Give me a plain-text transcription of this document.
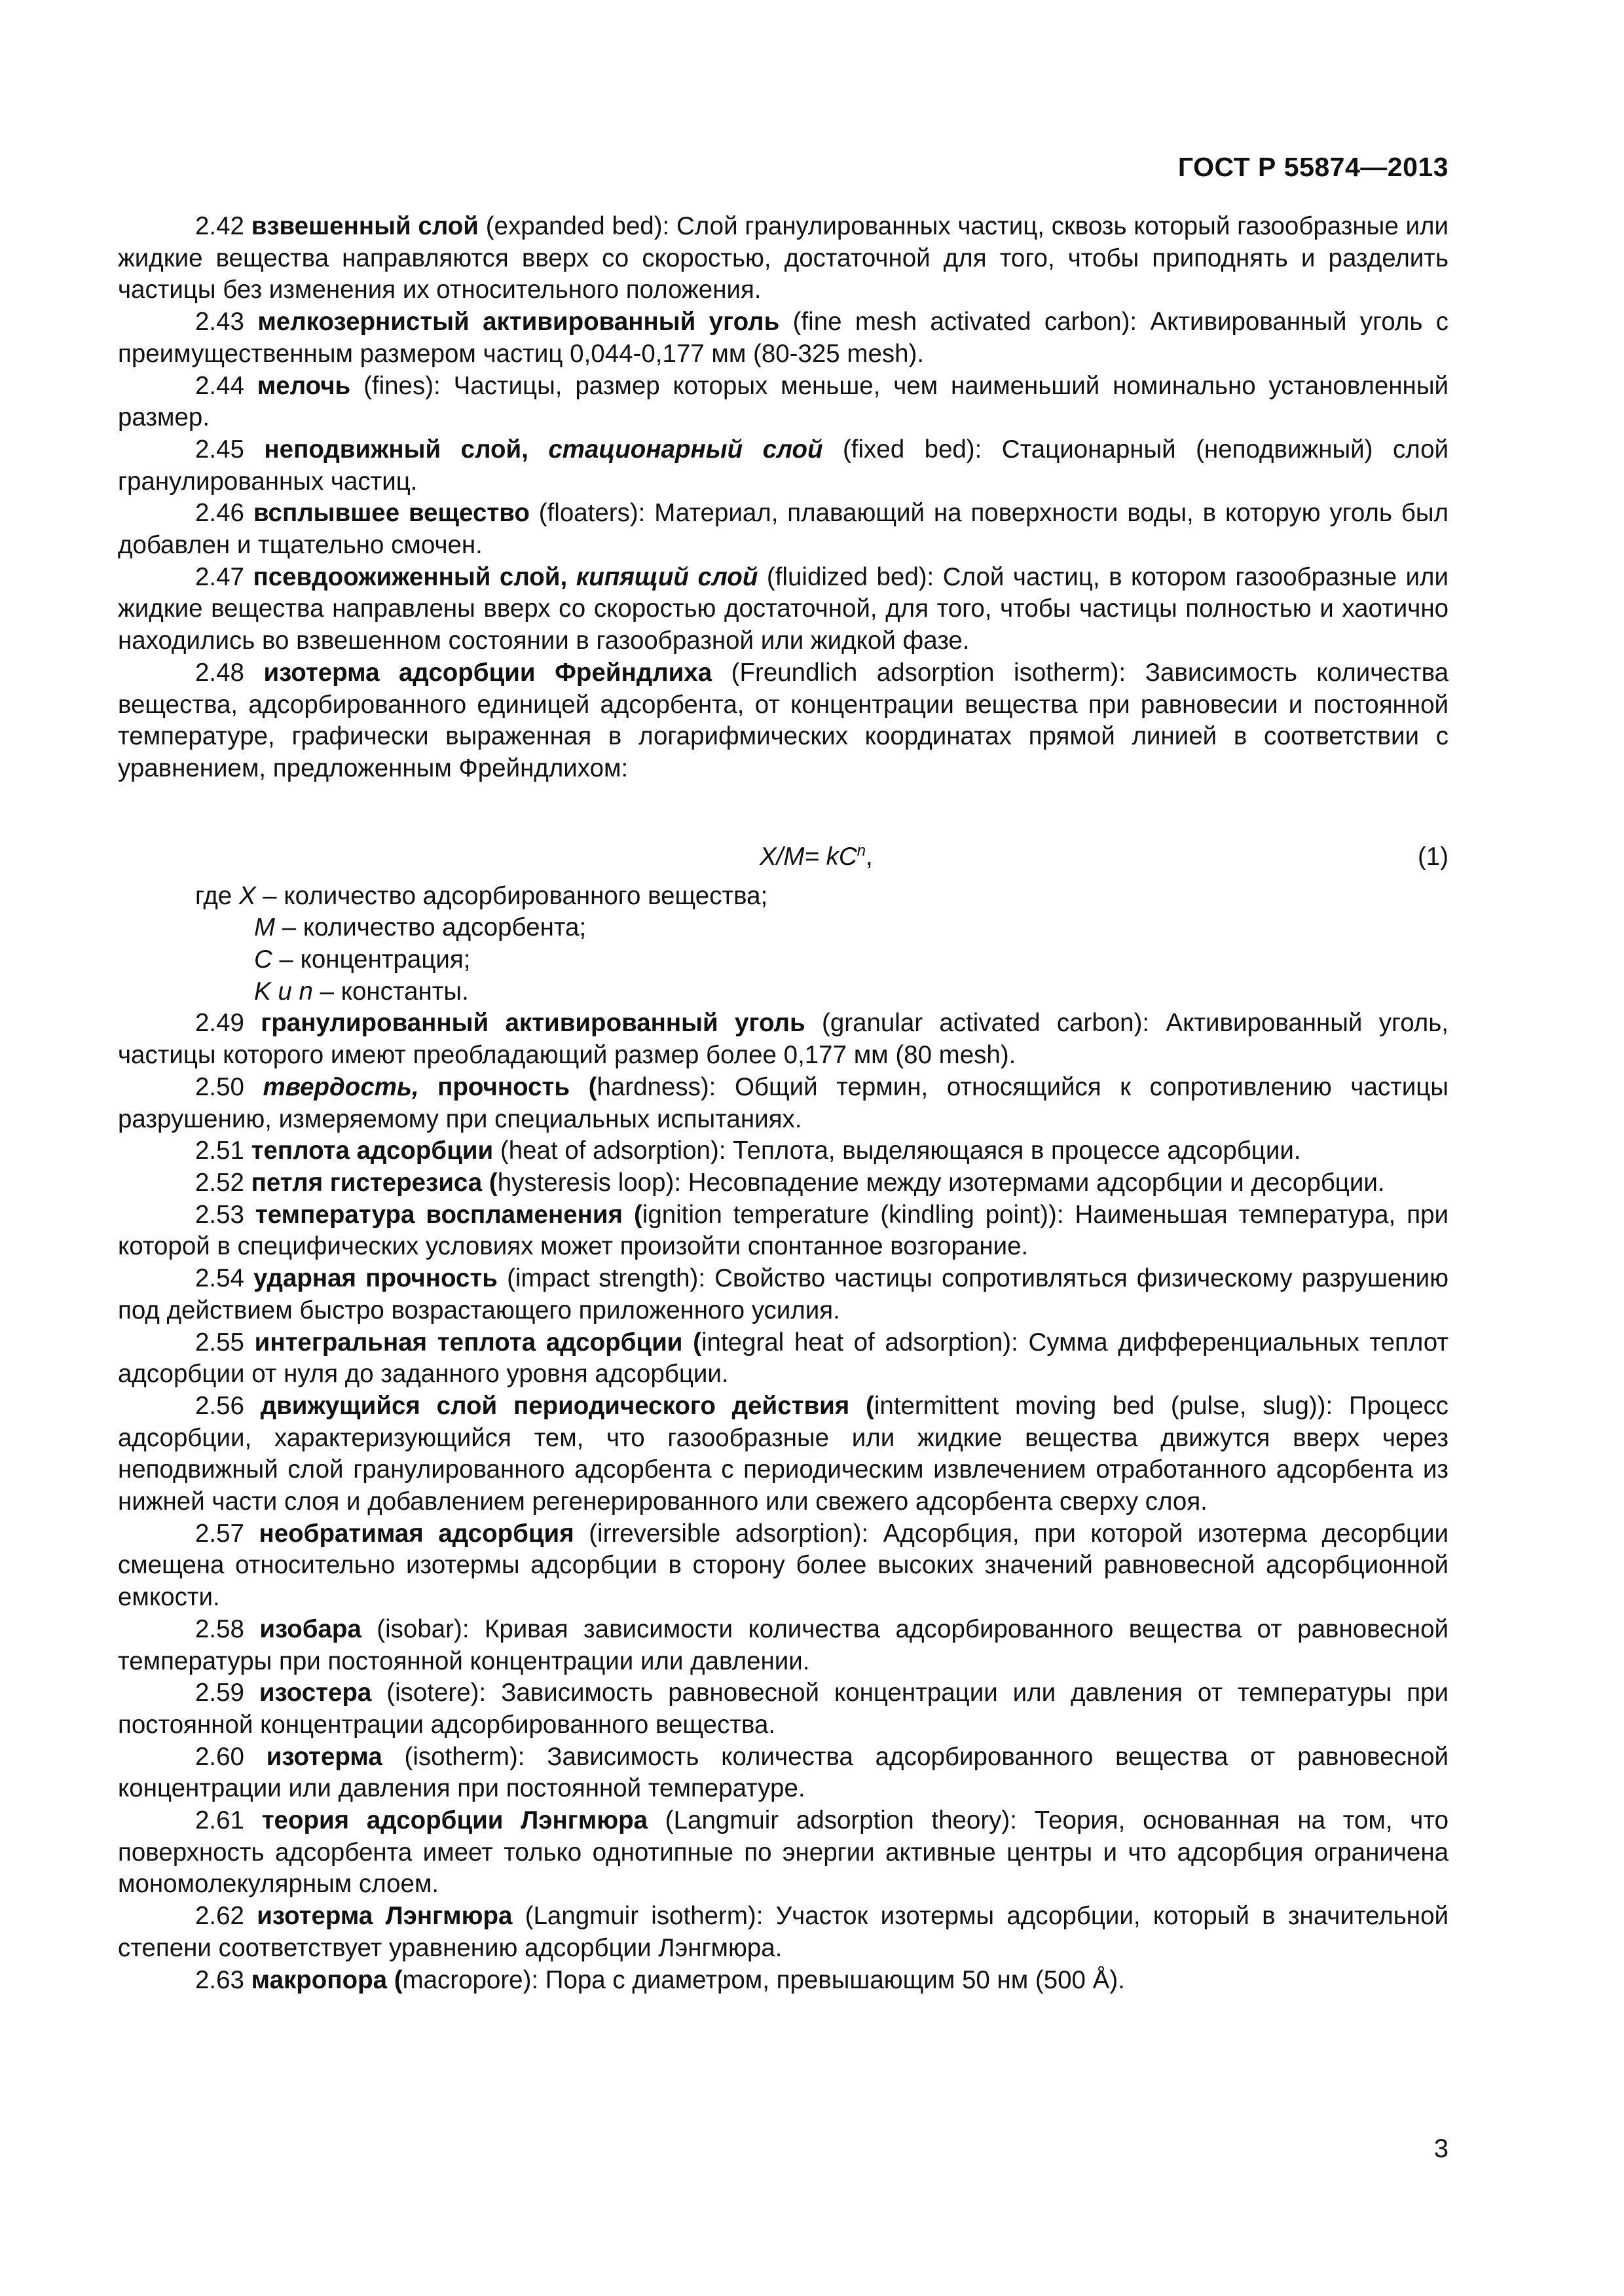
ГОСТ Р 55874—2013

2.42 взвешенный слой (expanded bed): Слой гранулированных частиц, сквозь который газообразные или жидкие вещества направляются вверх со скоростью, достаточной для того, чтобы приподнять и разделить частицы без изменения их относительного положения.

2.43 мелкозернистый активированный уголь (fine mesh activated carbon): Активированный уголь с преимущественным размером частиц 0,044-0,177 мм (80-325 mesh).

2.44 мелочь (fines): Частицы, размер которых меньше, чем наименьший номинально установленный размер.

2.45 неподвижный слой, стационарный слой (fixed bed): Стационарный (неподвижный) слой гранулированных частиц.

2.46 всплывшее вещество (floaters): Материал, плавающий на поверхности воды, в которую уголь был добавлен и тщательно смочен.

2.47 псевдоожиженный слой, кипящий слой (fluidized bed): Слой частиц, в котором газообразные или жидкие вещества направлены вверх со скоростью достаточной, для того, чтобы частицы полностью и хаотично находились во взвешенном состоянии в газообразной или жидкой фазе.

2.48 изотерма адсорбции Фрейндлиха (Freundlich adsorption isotherm): Зависимость количества вещества, адсорбированного единицей адсорбента, от концентрации вещества при равновесии и постоянной температуре, графически выраженная в логарифмических координатах прямой линией в соответствии с уравнением, предложенным Фрейндлихом:

$X/M= kC^n$,	(1)
где X – количество адсорбированного вещества;
M – количество адсорбента;
C – концентрация;
K и n – константы.

2.49 гранулированный активированный уголь (granular activated carbon): Активированный уголь, частицы которого имеют преобладающий размер более 0,177 мм (80 mesh).

2.50 твердость, прочность (hardness): Общий термин, относящийся к сопротивлению частицы разрушению, измеряемому при специальных испытаниях.

2.51 теплота адсорбции (heat of adsorption): Теплота, выделяющаяся в процессе адсорбции.

2.52 петля гистерезиса (hysteresis loop): Несовпадение между изотермами адсорбции и десорбции.

2.53 температура воспламенения (ignition temperature (kindling point)): Наименьшая температура, при которой в специфических условиях может произойти спонтанное возгорание.

2.54 ударная прочность (impact strength): Свойство частицы сопротивляться физическому разрушению под действием быстро возрастающего приложенного усилия.

2.55 интегральная теплота адсорбции (integral heat of adsorption): Сумма дифференциальных теплот адсорбции от нуля до заданного уровня адсорбции.

2.56 движущийся слой периодического действия (intermittent moving bed (pulse, slug)): Процесс адсорбции, характеризующийся тем, что газообразные или жидкие вещества движутся вверх через неподвижный слой гранулированного адсорбента с периодическим извлечением отработанного адсорбента из нижней части слоя и добавлением регенерированного или свежего адсорбента сверху слоя.

2.57 необратимая адсорбция (irreversible adsorption): Адсорбция, при которой изотерма десорбции смещена относительно изотермы адсорбции в сторону более высоких значений равновесной адсорбционной емкости.

2.58 изобара (isobar): Кривая зависимости количества адсорбированного вещества от равновесной температуры при постоянной концентрации или давлении.

2.59 изостера (isotere): Зависимость равновесной концентрации или давления от температуры при постоянной концентрации адсорбированного вещества.

2.60 изотерма (isotherm): Зависимость количества адсорбированного вещества от равновесной концентрации или давления при постоянной температуре.

2.61 теория адсорбции Лэнгмюра (Langmuir adsorption theory): Теория, основанная на том, что поверхность адсорбента имеет только однотипные по энергии активные центры и что адсорбция ограничена мономолекулярным слоем.

2.62 изотерма Лэнгмюра (Langmuir isotherm): Участок изотермы адсорбции, который в значительной степени соответствует уравнению адсорбции Лэнгмюра.

2.63 макропора (macropore): Пора с диаметром, превышающим 50 нм (500 Å).

3
